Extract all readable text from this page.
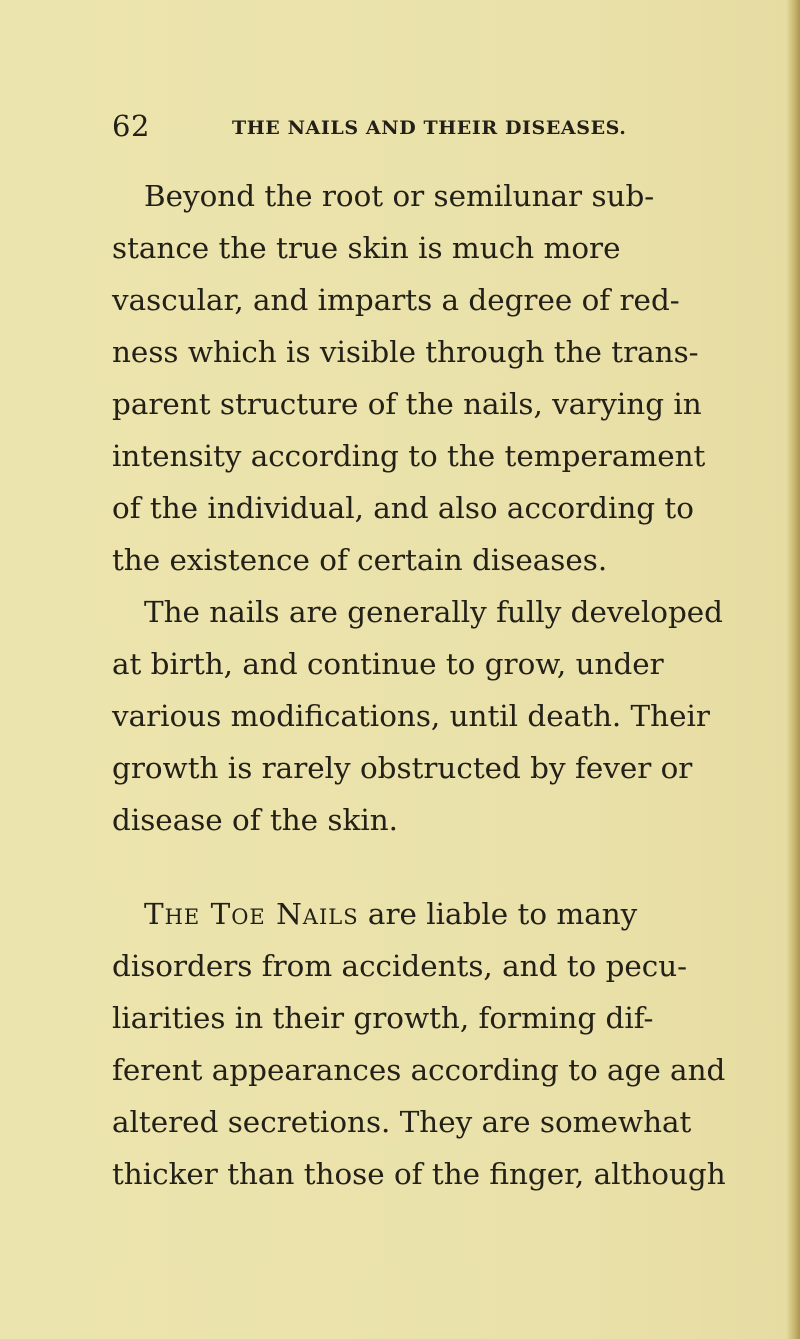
62	THE NAILS AND THEIR DISEASES.
Beyond the root or semilunar sub-
stance the true skin is much more
vascular, and imparts a degree of red-
ness which is visible through the trans-
parent structure of the nails, varying in
intensity according to the temperament
of the individual, and also according to
the existence of certain diseases.
The nails are generally fully developed
at birth, and continue to grow, under
various modifications, until death. Their
growth is rarely obstructed by fever or
disease of the skin.
The Toe Nails are liable to many
disorders from accidents, and to pecu-
liarities in their growth, forming dif-
ferent appearances according to age and
altered secretions. They are somewhat
thicker than those of the finger, although
